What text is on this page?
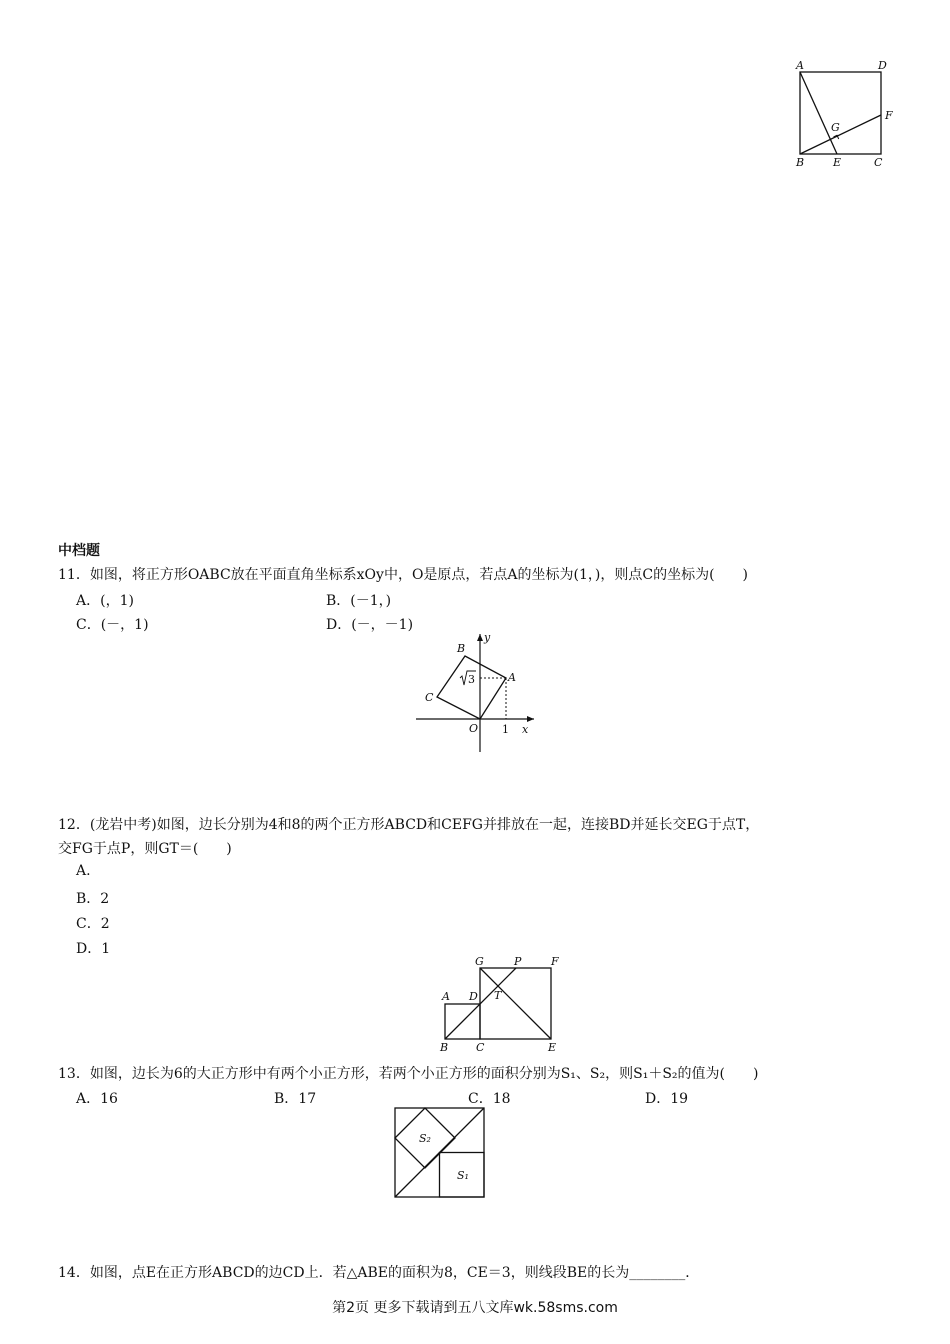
A	D
F
G
B	E	C
中档题
11．如图，将正方形OABC放在平面直角坐标系xOy中，O是原点，若点A的坐标为(1，)，则点C的坐标为(　　)
A．(，1)	B．(－1，)
C．(－，1)	D．(－，－1)
3
B
y
A
C
O 1 x
12．(龙岩中考)如图，边长分别为4和8的两个正方形ABCD和CEFG并排放在一起，连接BD并延长交EG于点T，
交FG于点P，则GT＝(　　)
A.
B．2
C．2
D．1
G	P	F
A D T
B	C	E
13．如图，边长为6的大正方形中有两个小正方形，若两个小正方形的面积分别为S₁、S₂，则S₁＋S₂的值为(　　)
A．16	B．17	C．18	D．19
S₂
S₁
14．如图，点E在正方形ABCD的边CD上．若△ABE的面积为8，CE＝3，则线段BE的长为________．
第2页 更多下载请到五八文库wk.58sms.com
